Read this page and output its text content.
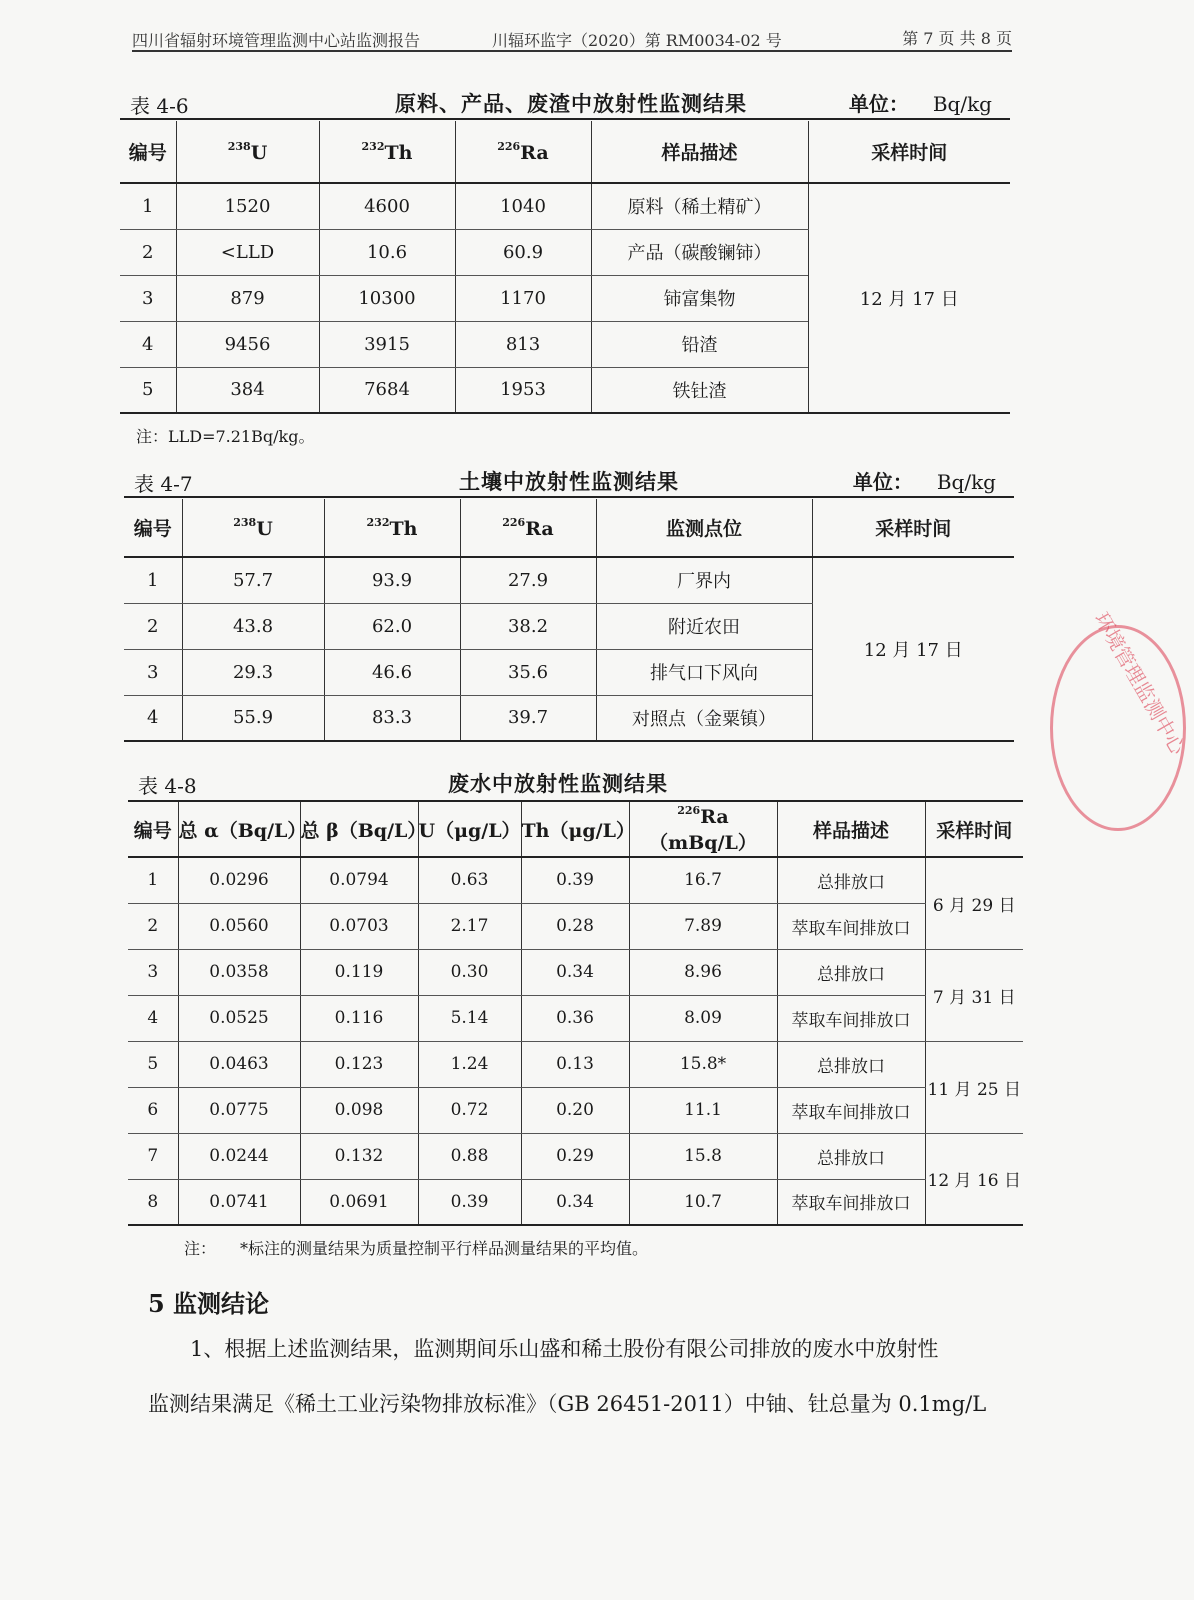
四川省辐射环境管理监测中心站监测报告	川辐环监字（2020）第 RM0034-02 号	第 7 页 共 8 页
表 4-6	原料、产品、废渣中放射性监测结果	单位： Bq/kg
编号	$^{238}$U	$^{232}$Th	$^{226}$Ra	样品描述	采样时间
1	1520	4600	1040	原料（稀土精矿）	12 月 17 日
2	<LLD	10.6	60.9	产品（碳酸镧铈）	
3	879	10300	1170	铈富集物	
4	9456	3915	813	铅渣	
5	384	7684	1953	铁钍渣	
注：LLD=7.21Bq/kg。
表 4-7	土壤中放射性监测结果	单位： Bq/kg
编号	$^{238}$U	$^{232}$Th	$^{226}$Ra	监测点位	采样时间
1	57.7	93.9	27.9	厂界内	12 月 17 日
2	43.8	62.0	38.2	附近农田	
3	29.3	46.6	35.6	排气口下风向	
4	55.9	83.3	39.7	对照点（金粟镇）	
表 4-8	废水中放射性监测结果
编号	总 α（Bq/L）	总 β（Bq/L）	U（μg/L）	Th（μg/L）	$^{226}$Ra（mBq/L）	样品描述	采样时间
1	0.0296	0.0794	0.63	0.39	16.7	总排放口	6 月 29 日
2	0.0560	0.0703	2.17	0.28	7.89	萃取车间排放口	
3	0.0358	0.119	0.30	0.34	8.96	总排放口	7 月 31 日
4	0.0525	0.116	5.14	0.36	8.09	萃取车间排放口	
5	0.0463	0.123	1.24	0.13	15.8*	总排放口	11 月 25 日
6	0.0775	0.098	0.72	0.20	11.1	萃取车间排放口	
7	0.0244	0.132	0.88	0.29	15.8	总排放口	12 月 16 日
8	0.0741	0.0691	0.39	0.34	10.7	萃取车间排放口	
注： *标注的测量结果为质量控制平行样品测量结果的平均值。
5 监测结论
1、根据上述监测结果，监测期间乐山盛和稀土股份有限公司排放的废水中放射性
监测结果满足《稀土工业污染物排放标准》（GB 26451-2011）中铀、钍总量为 0.1mg/L
环境管理监测中心
